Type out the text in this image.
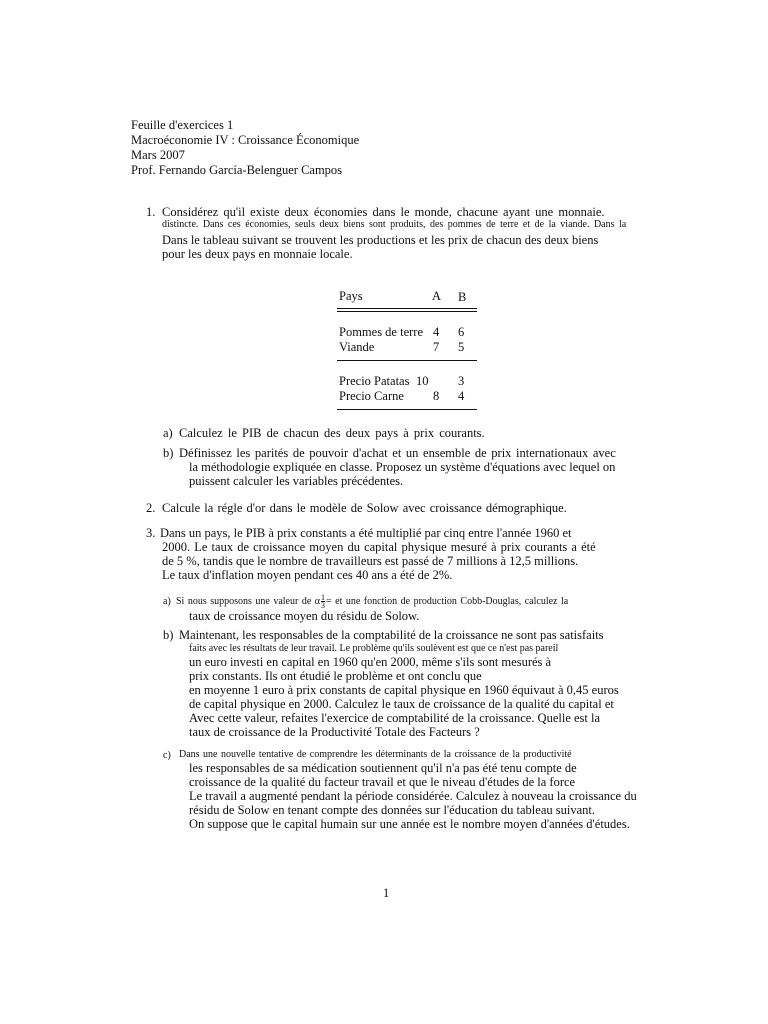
Feuille d'exercices 1
Macroéconomie IV : Croissance Économique
Mars 2007
Prof. Fernando García-Belenguer Campos
1. Considérez qu'il existe deux économies dans le monde, chacune ayant une monnaie.
distincte. Dans ces économies, seuls deux biens sont produits, des pommes de terre et de la viande. Dans la
Dans le tableau suivant se trouvent les productions et les prix de chacun des deux biens
pour les deux pays en monnaie locale.
Pays	A B
Pommes de terre 4 6
Viande	7 5
Precio Patatas 10 3
Precio Carne 8 4
a) Calculez le PIB de chacun des deux pays à prix courants.
b) Définissez les parités de pouvoir d'achat et un ensemble de prix internationaux avec
la méthodologie expliquée en classe. Proposez un système d'équations avec lequel on
puissent calculer les variables précédentes.
2. Calcule la régle d'or dans le modèle de Solow avec croissance démographique.
3. Dans un pays, le PIB à prix constants a été multiplié par cinq entre l'année 1960 et
2000. Le taux de croissance moyen du capital physique mesuré à prix courants a été
de 5 %, tandis que le nombre de travailleurs est passé de 7 millions à 12,5 millions.
Le taux d'inflation moyen pendant ces 40 ans a été de 2%.
a) Si nous supposons une valeur de α $\frac{1}{3}$ = et une fonction de production Cobb-Douglas, calculez la
taux de croissance moyen du résidu de Solow.
b) Maintenant, les responsables de la comptabilité de la croissance ne sont pas satisfaits
faits avec les résultats de leur travail. Le problème qu'ils soulèvent est que ce n'est pas pareil
un euro investi en capital en 1960 qu'en 2000, même s'ils sont mesurés à
prix constants. Ils ont étudié le problème et ont conclu que
en moyenne 1 euro à prix constants de capital physique en 1960 équivaut à 0,45 euros
de capital physique en 2000. Calculez le taux de croissance de la qualité du capital et
Avec cette valeur, refaites l'exercice de comptabilité de la croissance. Quelle est la
taux de croissance de la Productivité Totale des Facteurs ?
c) Dans une nouvelle tentative de comprendre les déterminants de la croissance de la productivité
les responsables de sa médication soutiennent qu'il n'a pas été tenu compte de
croissance de la qualité du facteur travail et que le niveau d'études de la force
Le travail a augmenté pendant la période considérée. Calculez à nouveau la croissance du
résidu de Solow en tenant compte des données sur l'éducation du tableau suivant.
On suppose que le capital humain sur une année est le nombre moyen d'années d'études.
1
